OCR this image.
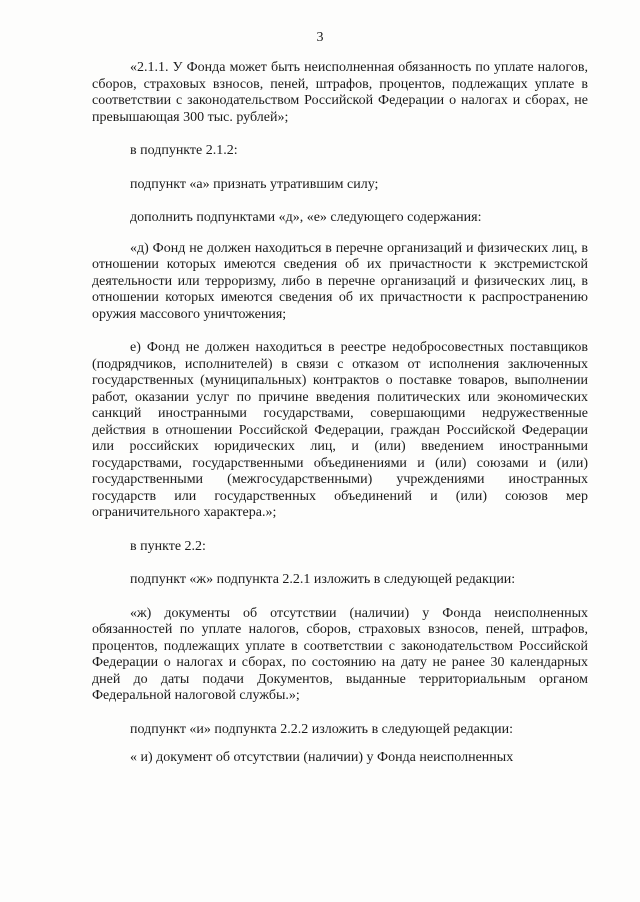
3

«2.1.1. У Фонда может быть неисполненная обязанность по уплате налогов, сборов, страховых взносов, пеней, штрафов, процентов, подлежащих уплате в соответствии с законодательством Российской Федерации о налогах и сборах, не превышающая 300 тыс. рублей»;

в подпункте 2.1.2:

подпункт «а» признать утратившим силу;

дополнить подпунктами «д», «е» следующего содержания:

«д) Фонд не должен находиться в перечне организаций и физических лиц, в отношении которых имеются сведения об их причастности к экстремистской деятельности или терроризму, либо в перечне организаций и физических лиц, в отношении которых имеются сведения об их причастности к распространению оружия массового уничтожения;

е) Фонд не должен находиться в реестре недобросовестных поставщиков (подрядчиков, исполнителей) в связи с отказом от исполнения заключенных государственных (муниципальных) контрактов о поставке товаров, выполнении работ, оказании услуг по причине введения политических или экономических санкций иностранными государствами, совершающими недружественные действия в отношении Российской Федерации, граждан Российской Федерации или российских юридических лиц, и (или) введением иностранными государствами, государственными объединениями и (или) союзами и (или) государственными (межгосударственными) учреждениями иностранных государств или государственных объединений и (или) союзов мер ограничительного характера.»;

в пункте 2.2:

подпункт «ж» подпункта 2.2.1 изложить в следующей редакции:

«ж) документы об отсутствии (наличии) у Фонда неисполненных обязанностей по уплате налогов, сборов, страховых взносов, пеней, штрафов, процентов, подлежащих уплате в соответствии с законодательством Российской Федерации о налогах и сборах, по состоянию на дату не ранее 30 календарных дней до даты подачи Документов, выданные территориальным органом Федеральной налоговой службы.»;

подпункт «и» подпункта 2.2.2 изложить в следующей редакции:

« и) документ об отсутствии (наличии) у Фонда неисполненных
